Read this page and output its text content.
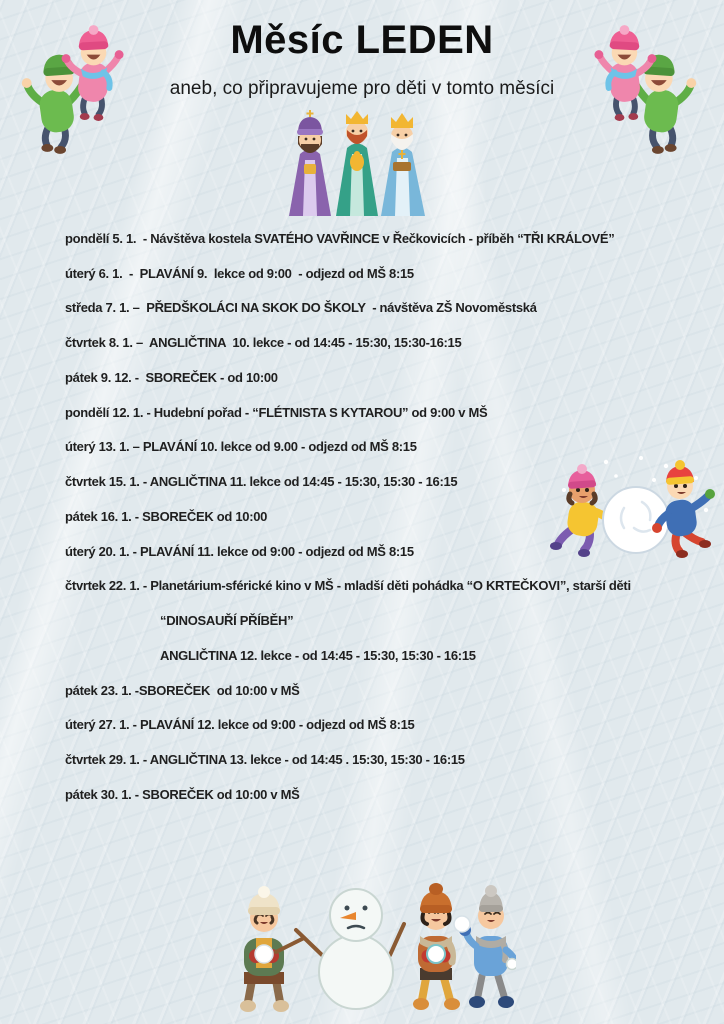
Měsíc LEDEN
aneb, co připravujeme pro děti v tomto měsíci
pondělí 5. 1.  - Návštěva kostela SVATÉHO VAVŘINCE v Řečkovicích - příběh “TŘI KRÁLOVÉ”
úterý 6. 1.  -  PLAVÁNÍ 9.  lekce od 9:00  - odjezd od MŠ 8:15
středa 7. 1. –  PŘEDŠKOLÁCI NA SKOK DO ŠKOLY  - návštěva ZŠ Novoměstská
čtvrtek 8. 1. –  ANGLIČTINA  10. lekce - od 14:45 - 15:30, 15:30-16:15
pátek 9. 12. -  SBOREČEK - od 10:00
pondělí 12. 1. - Hudební pořad - “FLÉTNISTA S KYTAROU” od 9:00 v MŠ
úterý 13. 1. – PLAVÁNÍ 10. lekce od 9.00 - odjezd od MŠ 8:15
čtvrtek 15. 1. - ANGLIČTINA 11. lekce od 14:45 - 15:30, 15:30 - 16:15
pátek 16. 1. - SBOREČEK od 10:00
úterý 20. 1. - PLAVÁNÍ 11. lekce od 9:00 - odjezd od MŠ 8:15
čtvrtek 22. 1. - Planetárium-sférické kino v MŠ - mladší děti pohádka “O KRTEČKOVI”, starší děti
“DINOSAUŘÍ PŘÍBĚH”
ANGLIČTINA 12. lekce - od 14:45 - 15:30, 15:30 - 16:15
pátek 23. 1. -SBOREČEK  od 10:00 v MŠ
úterý 27. 1. - PLAVÁNÍ 12. lekce od 9:00 - odjezd od MŠ 8:15
čtvrtek 29. 1. - ANGLIČTINA 13. lekce - od 14:45 . 15:30, 15:30 - 16:15
pátek 30. 1. - SBOREČEK od 10:00 v MŠ
